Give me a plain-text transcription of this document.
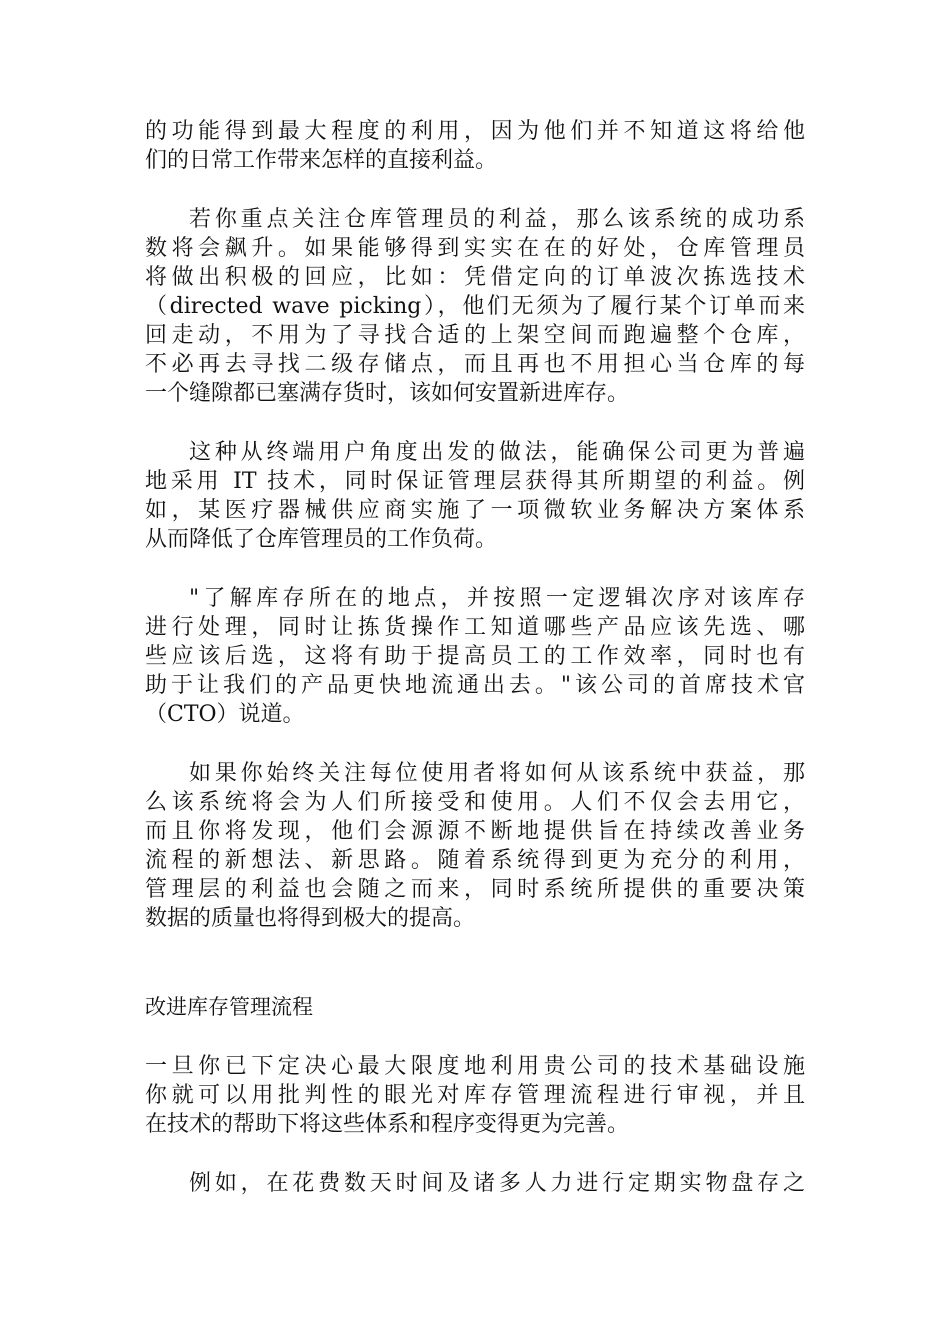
的功能得到最大程度的利用，因为他们并不知道这将给他
们的日常工作带来怎样的直接利益。
若你重点关注仓库管理员的利益，那么该系统的成功系
数将会飙升。如果能够得到实实在在的好处，仓库管理员
将做出积极的回应，比如：凭借定向的订单波次拣选技术
（directed wave picking），他们无须为了履行某个订单而来
回走动，不用为了寻找合适的上架空间而跑遍整个仓库，
不必再去寻找二级存储点，而且再也不用担心当仓库的每
一个缝隙都已塞满存货时，该如何安置新进库存。
这种从终端用户角度出发的做法，能确保公司更为普遍
地采用 IT 技术，同时保证管理层获得其所期望的利益。例
如，某医疗器械供应商实施了一项微软业务解决方案体系
从而降低了仓库管理员的工作负荷。
"了解库存所在的地点，并按照一定逻辑次序对该库存
进行处理，同时让拣货操作工知道哪些产品应该先选、哪
些应该后选，这将有助于提高员工的工作效率，同时也有
助于让我们的产品更快地流通出去。"该公司的首席技术官
（CTO）说道。
如果你始终关注每位使用者将如何从该系统中获益，那
么该系统将会为人们所接受和使用。人们不仅会去用它，
而且你将发现，他们会源源不断地提供旨在持续改善业务
流程的新想法、新思路。随着系统得到更为充分的利用，
管理层的利益也会随之而来，同时系统所提供的重要决策
数据的质量也将得到极大的提高。
改进库存管理流程
一旦你已下定决心最大限度地利用贵公司的技术基础设施
你就可以用批判性的眼光对库存管理流程进行审视，并且
在技术的帮助下将这些体系和程序变得更为完善。
例如，在花费数天时间及诸多人力进行定期实物盘存之
